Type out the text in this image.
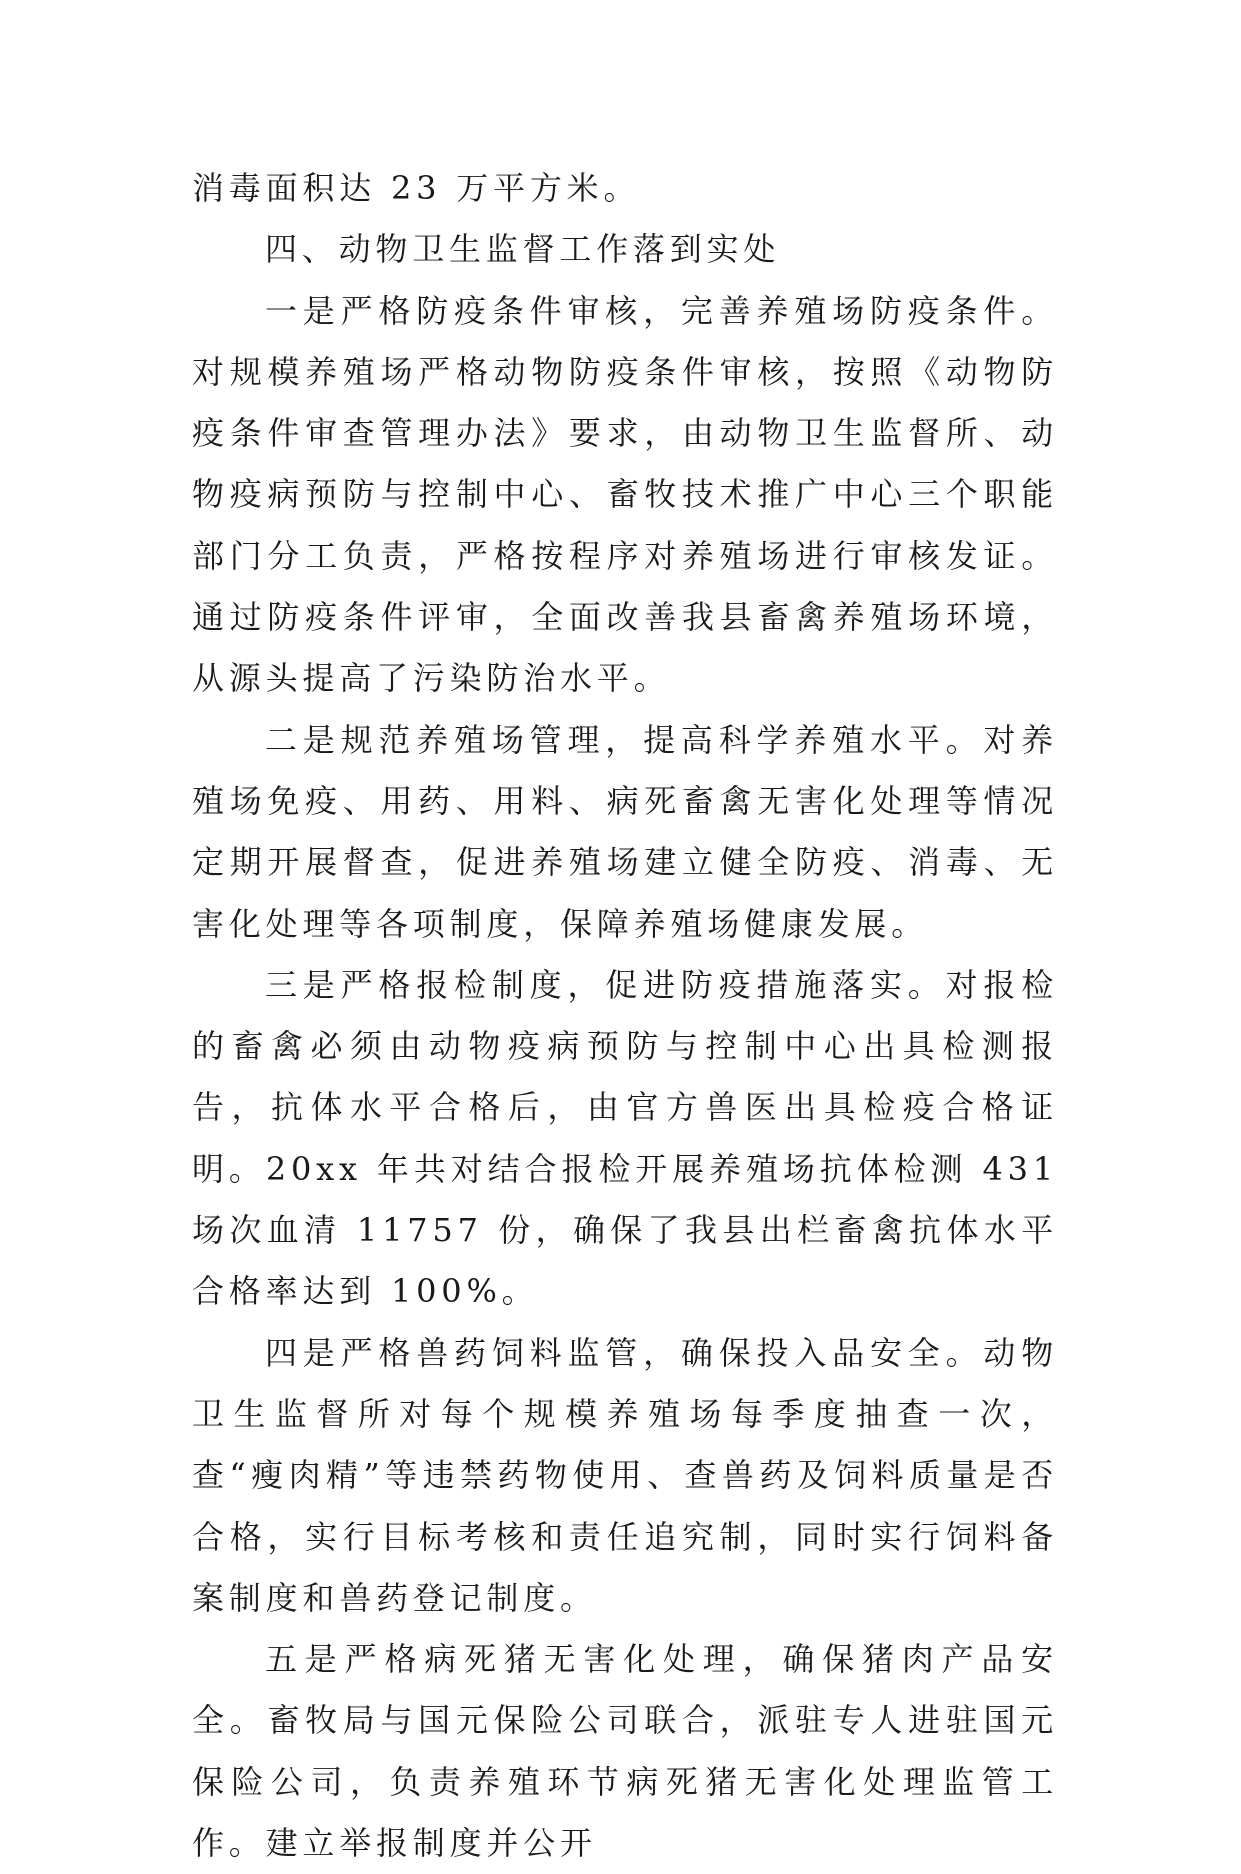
消毒面积达 23 万平方米。

四、动物卫生监督工作落到实处

一是严格防疫条件审核，完善养殖场防疫条件。对规模养殖场严格动物防疫条件审核，按照《动物防疫条件审查管理办法》要求，由动物卫生监督所、动物疫病预防与控制中心、畜牧技术推广中心三个职能部门分工负责，严格按程序对养殖场进行审核发证。通过防疫条件评审，全面改善我县畜禽养殖场环境，从源头提高了污染防治水平。

二是规范养殖场管理，提高科学养殖水平。对养殖场免疫、用药、用料、病死畜禽无害化处理等情况定期开展督查，促进养殖场建立健全防疫、消毒、无害化处理等各项制度，保障养殖场健康发展。

三是严格报检制度，促进防疫措施落实。对报检的畜禽必须由动物疫病预防与控制中心出具检测报告，抗体水平合格后，由官方兽医出具检疫合格证明。20xx 年共对结合报检开展养殖场抗体检测 431 场次血清 11757 份，确保了我县出栏畜禽抗体水平合格率达到 100%。

四是严格兽药饲料监管，确保投入品安全。动物卫生监督所对每个规模养殖场每季度抽查一次，查“瘦肉精”等违禁药物使用、查兽药及饲料质量是否合格，实行目标考核和责任追究制，同时实行饲料备案制度和兽药登记制度。

五是严格病死猪无害化处理，确保猪肉产品安全。畜牧局与国元保险公司联合，派驻专人进驻国元保险公司，负责养殖环节病死猪无害化处理监管工作。建立举报制度并公开
